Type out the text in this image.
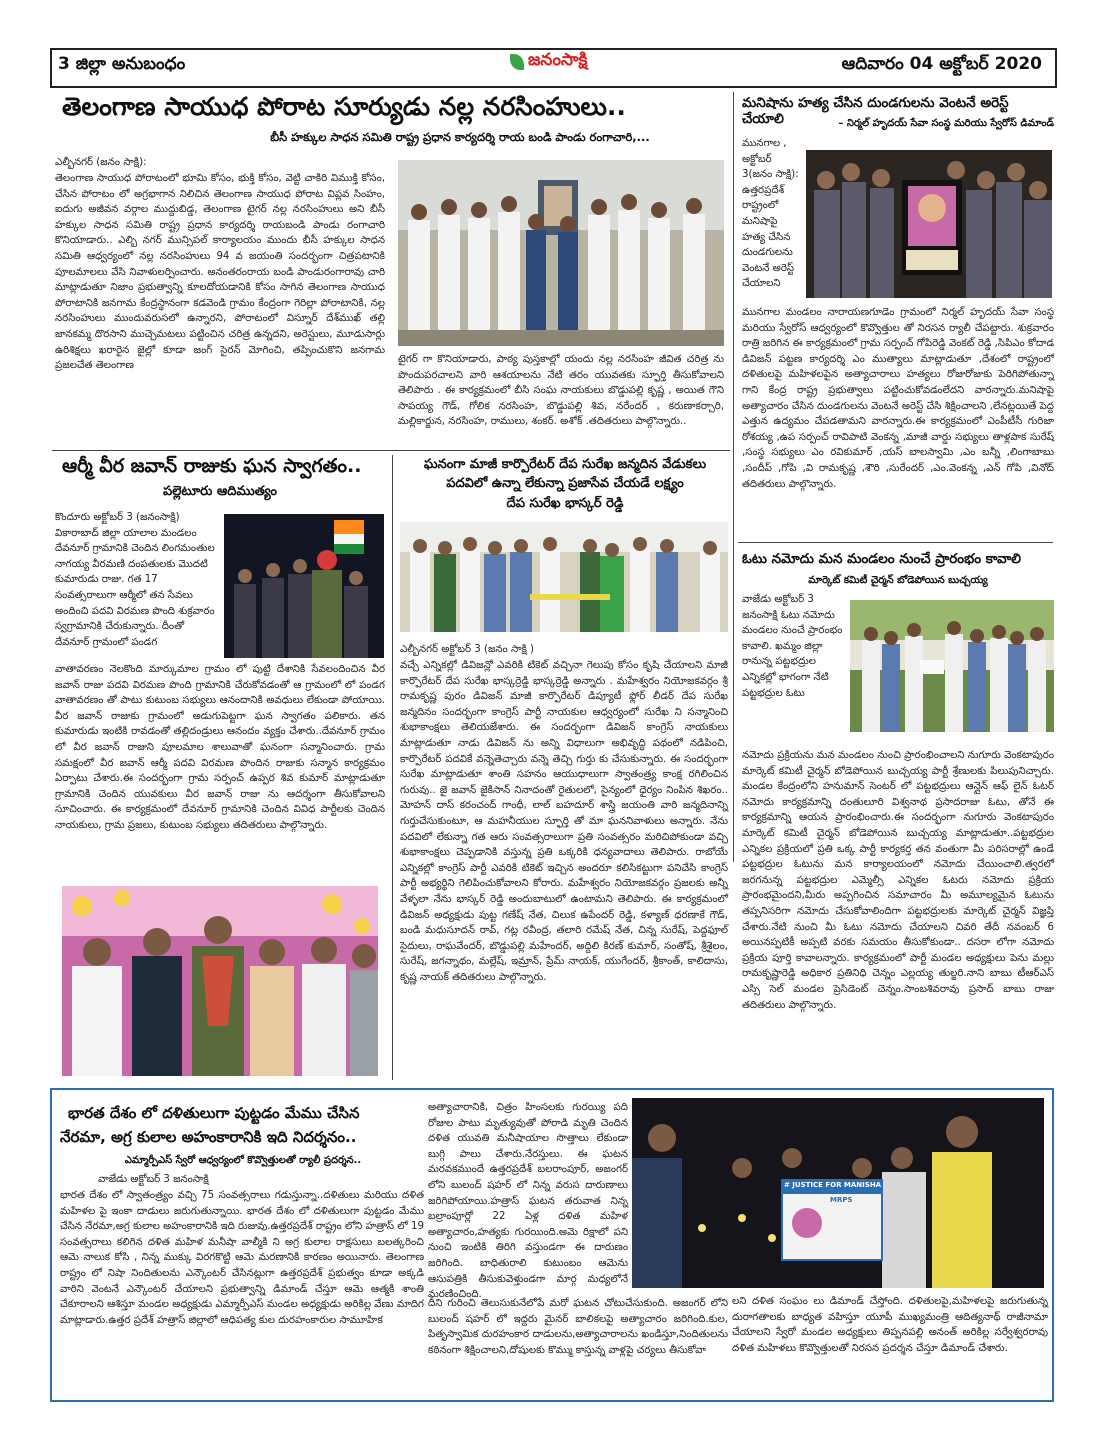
3 జిల్లా అనుబంధం	జనంసాక్షి	ఆదివారం 04 అక్టోబర్ 2020
తెలంగాణ సాయుధ పోరాట సూర్యుడు నల్ల నరసింహులు..
బీసీ హక్కుల సాధన సమితి రాష్ట్ర ప్రధాన కార్యదర్శి రాయ బండి పాండు రంగాచారి,...
ఎల్బీనగర్ (జనం సాక్షి):
తెలంగాణ సాయుధ పోరాటంలో భూమి కోసం, భుక్తి కోసం, వెట్టి చాకిరి విముక్తి కోసం, చేసిన పోరాటం లో అగ్రభాగాన నిలిచిన తెలంగాణ సాయుధ పోరాట విప్లవ సింహం, ఐదుగు అజీవన వర్గాల ముద్దుబిడ్డ, తెలంగాణ టైగర్ నల్ల నరసింహులు అని బీసీ హక్కుల సాధన సమితి రాష్ట్ర ప్రధాన కార్యదర్శి రాయబండి పాండు రంగాచారి కొనియాడారు.. ఎల్బి నగర్ మున్సిపల్ కార్యాలయం ముందు బీసీ హక్కుల సాధన సమితి ఆధ్వర్యంలో నల్ల నరసింహులు 94 వ జయంతి సందర్భంగా చిత్రపటానికి పూలమాలలు వేసి నివాళులర్పించారు. అనంతరంరాయ బండి పాండురంగారావు చారి మాట్లాడుతూ నిజాం ప్రభుత్వాన్ని కూలదోయడానికి కోసం సాగిన తెలంగాణ సాయుధ పోరాటానికి జనగామ కేంద్రస్థానంగా కడవెండి గ్రామం కేంద్రంగా గెరిల్లా పోరాటానికి, నల్ల నరసింహులు ముందువరుసలో ఉన్నారని, పోరాటంలో విస్నూర్ దేశ్‌ముఖ్ తల్లి జానకమ్మ దొరసాని ముచ్చెమటలు పట్టించిన చరిత్ర ఉన్నదని, అరెస్టులు, మూడుసార్లు ఉరిశిక్షలు ఖరారైన జైల్లో కూడా జంగ్ సైరన్ మోగించి, తప్పించుకొని జనగామ ప్రజలచేత తెలంగాణ
టైగర్ గా కొనియాడారు, పాఠ్య పుస్తకాల్లో యందు నల్ల నరసింహ జీవిత చరిత్ర ను పొందుపరచాలని వారి ఆశయాలను నేటి తరం యువతకు స్ఫూర్తి తీసుకోవాలని తెలిపారు . ఈ కార్యక్రమంలో బీసి సంఘ నాయకులు బొడ్డుపల్లి కృష్ణ , అయిత గౌని సాపయ్య గౌడ్, గోలిక నరసింహ, బొడ్డుపల్లి శివ, నరేందర్ , కరుణాకర్చారి, మల్లికార్జున, నరసింహ, రాములు, శంకర్. అశోక్ .తదితరులు పాల్గొన్నారు..
మనిషాను హత్య చేసిన దుండగులను వెంటనే అరెస్ట్ చేయాలి	– నిర్మల్ హృదయ్ సేవా సంస్థ మరియు స్వేరోస్ డిమాండ్
మునగాల , అక్టోబర్ 3(జనం సాక్షి): ఉత్తరప్రదేశ్ రాష్ట్రంలో మనిషాపై హత్య చేసిన దుండగులను వెంటనే అరెస్ట్ చేయాలని
మునగాల మండలం నారాయణగూడెం గ్రామంలో నిర్మల్ హృదయ్ సేవా సంస్థ మరియు స్వేరోస్ ఆధ్వర్యంలో కొవ్వొత్తుల తో నిరసన ర్యాలీ చేపట్టారు. శుక్రవారం రాత్రి జరిగిన ఈ కార్యక్రమంలో గ్రామ సర్పంచ్ గోపిరెడ్డి వెంకట్ రెడ్డి ,సిపిఎం కోదాడ డివిజన్ పట్టణ కార్యదర్శి ఎం ముత్యాలు మాట్లాడుతూ ,దేశంలో రాష్ట్రంలో దళితులపై మహిళలపైన అత్యాచారాలు హత్యలు రోజురోజుకు పెరిగిపోతున్నా గాని కేంద్ర రాష్ట్ర ప్రభుత్వాలు పట్టించుకోవడంలేదని వారన్నారు.మనిషాపై అత్యాచారం చేసిన దుండగులను వెంటనే అరెస్ట్ చేసి శిక్షించాలని ,లేనట్లయితే పెద్ద ఎత్తున ఉద్యమం చేపడతామని వారన్నారు.ఈ కార్యక్రమంలో ఎంపీటీసీ గురిజా రోశయ్య ,ఉప సర్పంచ్ రావిపాటి వెంకన్న ,మాజీ వార్డు సభ్యులు తాళ్లపాక సురేష్ ,సంస్థ సభ్యులు ఎం రవికుమార్ ,యస్ బాలస్వామి ,ఎం బన్నీ ,లింగాబాబు ,సందీప్ ,గోపి ,వి రామకృష్ణ ,శౌరి ,సురేందర్ ,ఎం.వెంకన్న ,ఎన్ గోపి ,వినోద్ తదితరులు పాల్గొన్నారు.
ఓటు నమోదు మన మండలం నుంచే ప్రారంభం కావాలి
మార్కెట్ కమిటీ చైర్మన్ బోడెపోయిన బుచ్చయ్య
వాజేడు అక్టోబర్ 3 జనంసాక్షి ఓటు నమోదు మండలం నుంచే ప్రారంభం కావాలి. ఖమ్మం జిల్లా రానున్న పట్టభద్రుల ఎన్నికల్లో భాగంగా నేటి పట్టభద్రుల ఓటు
నమోదు ప్రక్రియను మన మండలం నుంచి ప్రారంభించాలని నుగూరు వెంకటాపురం మార్కెట్ కమిటీ చైర్మన్ బోడెపోయిన బుచ్చయ్య పార్టీ శ్రేణులకు పిలుపునిచ్చారు. మండల కేంద్రంలోని హనుమాన్ సెంటర్ లో పట్టభద్రులు ఆన్లైన్ ఆఫ్ లైన్ ఓటర్ నమోదు కార్యక్రమాన్ని దంతులూరి విశ్వనాథ ప్రసాదరాజు ఓటు, తోనే ఈ కార్యక్రమాన్ని ఆయన ప్రారంభించారు.ఈ సందర్భంగా నుగూరు వెంకటాపురం మార్కెట్ కమిటీ చైర్మన్ బోడెపోయిన బుచ్చయ్య మాట్లాడుతూ..పట్టభద్రుల ఎన్నికల ప్రక్రియలో ప్రతి ఒక్క పార్టీ కార్యకర్త తన వంతుగా మీ పరిసరాల్లో ఉండే పట్టభద్రుల ఓటును మన కార్యాలయంలో నమోదు చేయించాలి.త్వరలో జరగనున్న పట్టభద్రుల ఎమ్మెల్సీ ఎన్నికల ఓటరు నమోదు ప్రక్రియ ప్రారంభమైందని,మీరు అప్పగించిన సమాచారం మీ అమూల్యమైన ఓటును తప్పనిసరిగా నమోదు చేసుకోవాలిందిగా పట్టభద్రులకు మార్కెట్ చైర్మన్ విజ్ఞప్తి చేశారు.నేటి నుంచి మీ ఓటు నమోదు చేయాలని చివరి తేదీ నవంబర్ 6 అయినప్పటికీ అప్పటి వరకు సమయం తీసుకోకుండా.. దసరా లోగా నమోదు ప్రక్రియ పూర్తి కావాలన్నారు. కార్యక్రమంలో పార్టీ మండల అధ్యక్షులు పెను మల్లు రామకృష్ణారెడ్డి అధికార ప్రతినిధి చెన్నం ఎల్లయ్య తుల్జరి.నాని బాబు టీఆర్ఎస్ ఎస్సి సెల్ మండల ప్రెసిడెంట్ చెన్నం.సాంబశివరావు ప్రసాద్ బాబు రాజు తదితరులు పాల్గొన్నారు.
ఆర్మీ వీర జవాన్ రాజుకు ఘన స్వాగతం..
పల్లెటూరు ఆదిముత్యం
కొందూరు అక్టోబర్ 3 (జనంసాక్షి) వికారాబాద్ జిల్లా యాలాల మండలం దేవనూర్ గ్రామానికి చెందిన లింగమంతుల నాగయ్య వీరమణి దంపతులకు మొదటి కుమారుడు రాజు. గత 17 సంవత్సరాలుగా ఆర్మీలో తన సేవలు అందించి పదవి విరమణ పొంది శుక్రవారం స్వగ్రామానికి చేరుకున్నారు. దీంతో దేవనూర్ గ్రామంలో పండగ
వాతావరణం నెలకొంది మార్కుమాల గ్రామం లో పుట్టి దేశానికి సేవలందించిన వీర జవాన్ రాజు పదవి విరమణ పొంది గ్రామానికి చేరుకోవడంతో ఆ గ్రామంలో లో పండగ వాతావరణం తో పాటు కుటుంబ సభ్యులు ఆనందానికి అవధులు లేకుండా పోయాయి. వీర జవాన్ రాజుకు గ్రామంలో అడుగుపెట్టగా ఘన స్వాగతం పలికారు. తన కుమారుడు ఇంటికి రావడంతో తల్లిదండ్రులు ఆనందం వ్యక్తం చేశారు..దేవనూర్ గ్రామం లో వీర జవాన్ రాజుని పూలమాల శాలువాతో ఘనంగా సన్మానించారు. గ్రామ సమక్షంలో వీర జవాన్ ఆర్మీ పదవి విరమణ పొందిన రాజుకు సన్మాన కార్యక్రమం ఏర్పాటు చేశారు.ఈ సందర్భంగా గ్రామ సర్పంచ్ ఉప్పర శివ కుమార్ మాట్లాడుతూ గ్రామానికి చెందిన యువకులు వీర జవాన్ రాజు ను ఆదర్శంగా తీసుకోవాలని సూచించారు. ఈ కార్యక్రమంలో దేవనూర్ గ్రామానికి చెందిన వివిధ పార్టీలకు చెందిన నాయకులు, గ్రామ ప్రజలు, కుటుంబ సభ్యులు తదితరులు పాల్గొన్నారు.
ఘనంగా మాజీ కార్పొరేటర్ దేప సురేఖ జన్మదిన వేడుకలు
పదవిలో ఉన్నా లేకున్నా ప్రజాసేవ చేయడే లక్ష్యం
దేప సురేఖ భాస్కర్ రెడ్డి
ఎల్బీనగర్ అక్టోబర్ 3 (జనం సాక్షి )
వచ్చే ఎన్నికల్లో డివిజన్లో ఎవరికి టికెట్ వచ్చినా గెలుపు కోసం కృషి చేయాలని మాజీ కార్పొరేటర్ దేప సురేఖ భాస్కర్రెడ్డి భాస్కర్రెడ్డి అన్నారు . మహేశ్వరం నియోజకవర్గం శ్రీ రామకృష్ణ పురం డివిజన్ మాజీ కార్పొరేటర్ డిప్యూటీ ఫ్లోర్ లీడర్ దేప సురేఖ జన్మదినం సందర్భంగా కాంగ్రెస్ పార్టీ నాయకుల ఆధ్వర్యంలో సురేఖ ని సన్మానించి శుభాకాంక్షలు తెలియజేశారు. ఈ సందర్భంగా డివిజన్ కాంగ్రెస్ నాయకులు మాట్లాడుతూ నాడు డివిజన్ ను అన్ని విధాలుగా అభివృద్ధి పథంలో నడిపించి, కార్పొరేటర్ పదవికే వన్నెతెచ్చారు వన్నె తెచ్చి గుర్తు కు చేసుకున్నారు. ఈ సందర్భంగా సురేఖ మాట్లాడుతూ శాంతి సహనం ఆయుధాలుగా స్వాతంత్ర్య కాంక్ష రగిలించిన గురువు.. జై జవాన్ జైకిసాన్ నినాదంతో రైతులలో, సైన్యంలో ధైర్యం నింపిన శిఖరం.. మోహన్ దాస్ కరంచంద్ గాంధీ, లాల్ బహదూర్ శాస్త్రి జయంతి వారి జన్మదినాన్ని గుర్తుచేసుకుంటూ, ఆ మహనీయుల స్ఫూర్తి తో మా ఘననివాళులు అన్నారు. నేను పదవిలో లేకున్నా గత ఆరు సంవత్సరాలుగా ప్రతి సంవత్సరం మరిచిపోకుండా వచ్చి శుభాకాంక్షలు చెప్పడానికి వస్తున్న ప్రతి ఒక్కరికి ధన్యవాదాలు తెలిపారు. రాబోయే ఎన్నికల్లో కాంగ్రెస్ పార్టీ ఎవరికి టికెట్ ఇచ్చిన అందరూ కలిసికట్టుగా పనిచేసి కాంగ్రెస్ పార్టీ అభ్యర్థిని గెలిపించుకోవాలని కోరారు. మహేశ్వరం నియోజకవర్గం ప్రజలకు అన్నీ వేళ్ళలా నేను భాస్కర్ రెడ్డి అందుబాటులో ఉంటామని తెలిపారు. ఈ కార్యక్రమంలో డివిజన్ అధ్యక్షుడు పుట్ట గణేష్ నేత, చిలుక ఉపేందర్ రెడ్డి, కళ్యాణ్ ధరణాకే గౌడ్, బండి మధుసూదన్ రావ్, గట్ల రవీంద్ర, తలారి రమేష్ నేత, చిన్న సురేష్, పెద్దఫూల్ సైదులు, రాఘవేందర్, బొడ్డుపల్లి మహేందర్, అద్దిలి కిరణ్ కుమార్, సంతోష్, శ్రీశైలం, సురేష్, జగన్నాథం, మల్లేష్, ఇమ్రాన్, ప్రేమ్ నాయక్, యుగేందర్, శ్రీకాంత్, కాలిదాసు, కృష్ణ నాయక్ తదితరులు పాల్గొన్నారు.
భారత దేశం లో దళితులుగా పుట్టడం మేము చేసిన
నేరమా, అగ్ర కులాల అహంకారానికి ఇది నిదర్శనం..
ఎమ్మార్పీఎస్ స్వేరో ఆధ్వర్యంలో కొవ్వొత్తులతో ర్యాలీ ప్రదర్శన..
వాజేడు అక్టోబర్ 3 జనంసాక్షి
భారత దేశం లో స్వాతంత్ర్యం వచ్చి 75 సంవత్సరాలు గడుస్తున్నా..దళితులు మరియు దళిత మహిళల పై ఇంకా దాడులు జరుగుతున్నాయి. భారత దేశం లో దళితులుగా పుట్టడం మేము చేసిన నేరమా,అగ్ర కులాల అహంకారానికి ఇది రుజువు.ఉత్తరప్రదేశ్ రాష్ట్రం లోని హత్రాస్ లో 19 సంవత్సరాలు కలిగిన దళిత మహిళ మనీషా వాల్మీకి ని అగ్ర కులాల రాక్షసులు బలత్కరించి ఆమె నాలుక కోసి , నిన్న ముక్కు విరగకొట్టి ఆమె మరణానికి కారణం అయినారు. తెలంగాణ రాష్ట్రం లో నిషా నిందితులను ఎన్కౌంటర్ చేసినట్లుగా ఉత్తరప్రదేశ్ ప్రభుత్వం కూడా అక్కడి వారిని వెంటనే ఎన్కౌంటర్ చేయాలని ప్రభుత్వాన్ని డిమాండ్ చేస్తూ ఆమె ఆత్మకి శాంతి చేకూరాలని ఆశిస్తూ మండల అధ్యక్షుడు ఎమ్మార్పీఎస్ మండల అధ్యక్షుడు అరికిల్ల వేణు మాదిగ మాట్లాడారు.ఉత్తర ప్రదేశ్ హత్రాస్ జిల్లాలో ఆధిపత్య కుల దురహంకారుల సామూహిక
అత్యాచారానికి, చిత్రం హింసలకు గురయ్యి పది రోజుల పాటు మృత్యువుతో పోరాడి మృతి చెందిన దళిత యువతి మనీషాయాల సొత్తాలు లేకుండా బుగ్గి పాలు చేశారు.నేరస్తులు. ఈ ఘటన మరవకముందే ఉత్తరప్రదేశ్ బలరాంపూర్, అజంగర్ లోని బులంద్ షహర్ లో నిన్న వరుస దారుణాలు జరిగిపోయాయి.హత్రాస్ ఘటన తరువాత నిన్న బల్రాంపూర్లో 22 ఏళ్ల దళిత మహిళ అత్యాచారం,హత్యకు గురయింది.అమె రిక్షాలో పని నుంచి ఇంటికి తిరిగి వస్తుండగా ఈ దారుణం జరిగింది. బాధితురాలి కుటుంబం ఆమెను ఆసుపత్రికి తీసుకువెళ్తుండగా మార్గ మధ్యలోనే మరణించింది.
దీని గురించి తెలుసుకునేలోపే మరో ఘటన చోటుచేసుకుంది. అజంగర్ లోని బులంద్ షహర్ లో ఇద్దరు మైనర్ బాలికలపై అత్యాచారం జరిగింది.కుల, పితృస్వామిక దురహంకార దాడులను,అత్యాచారాలను ఖండిస్తూ,నిందితులను కఠినంగా శిక్షించాలని,దోషులకు కొమ్ము కాస్తున్న వాళ్లపై చర్యలు తీసుకోవా
# JUSTICE FOR MANISHA
MRPS
లని దళిత సంఘం లు డిమాండ్ చేస్తోంది. దళితులపై,మహిళలపై జరుగుతున్న దురాగతాలకు బాధ్యత వహిస్తూ యూపీ ముఖ్యమంత్రి ఆదిత్యనాథ్ రాజీనామా చేయాలని స్వేరో మండల అధ్యక్షులు తిప్పనపల్లి అనంత్ అరికిల్ల సర్వేశ్వరరావు దళిత మహిళలు కొవ్వొత్తులతో నిరసన ప్రదర్శన చేస్తూ డిమాండ్ చేశారు.
